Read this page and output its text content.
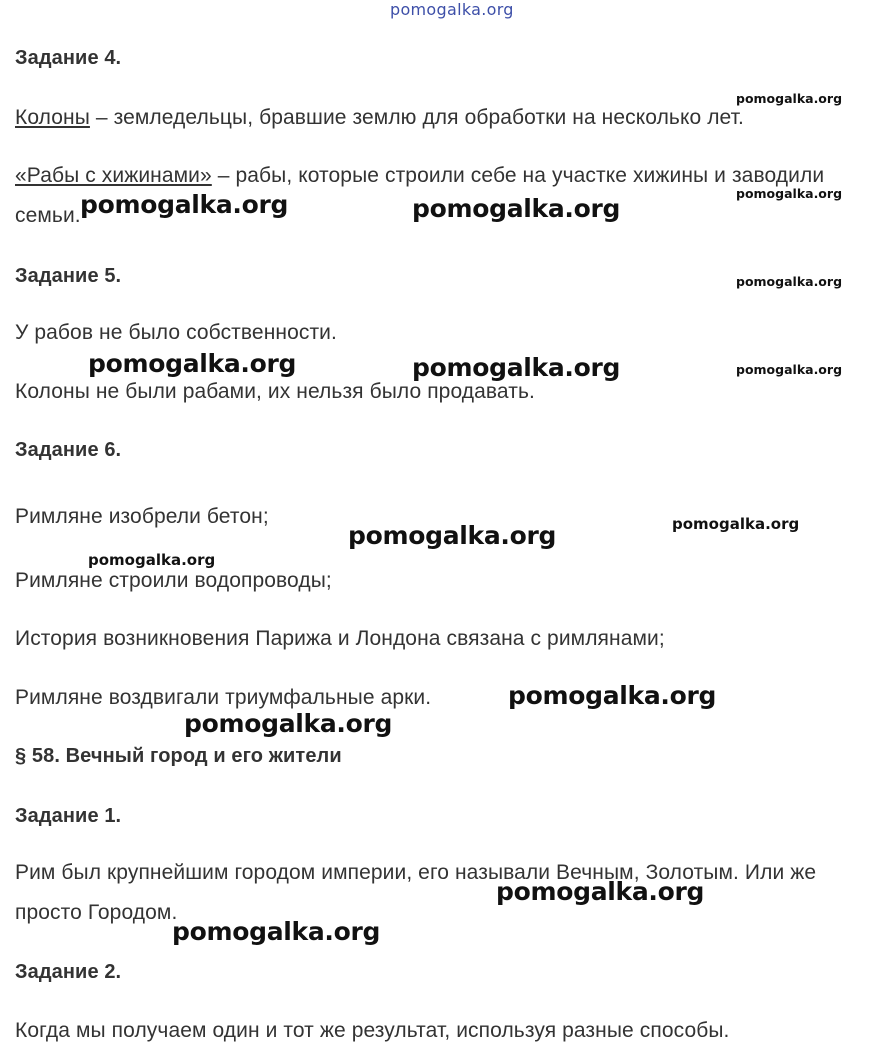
pomogalka.org
Задание 4.
Колоны – земледельцы, бравшие землю для обработки на несколько лет.
«Рабы с хижинами» – рабы, которые строили себе на участке хижины и заводили
семьи.
Задание 5.
У рабов не было собственности.
Колоны не были рабами, их нельзя было продавать.
Задание 6.
Римляне изобрели бетон;
Римляне строили водопроводы;
История возникновения Парижа и Лондона связана с римлянами;
Римляне воздвигали триумфальные арки.
§ 58. Вечный город и его жители
Задание 1.
Рим был крупнейшим городом империи, его называли Вечным, Золотым. Или же
просто Городом.
Задание 2.
Когда мы получаем один и тот же результат, используя разные способы.
pomogalka.org
pomogalka.org
pomogalka.org
pomogalka.org
pomogalka.org	pomogalka.org
pomogalka.org	pomogalka.org
pomogalka.org	pomogalka.org
pomogalka.org
pomogalka.org
pomogalka.org
pomogalka.org
pomogalka.org
